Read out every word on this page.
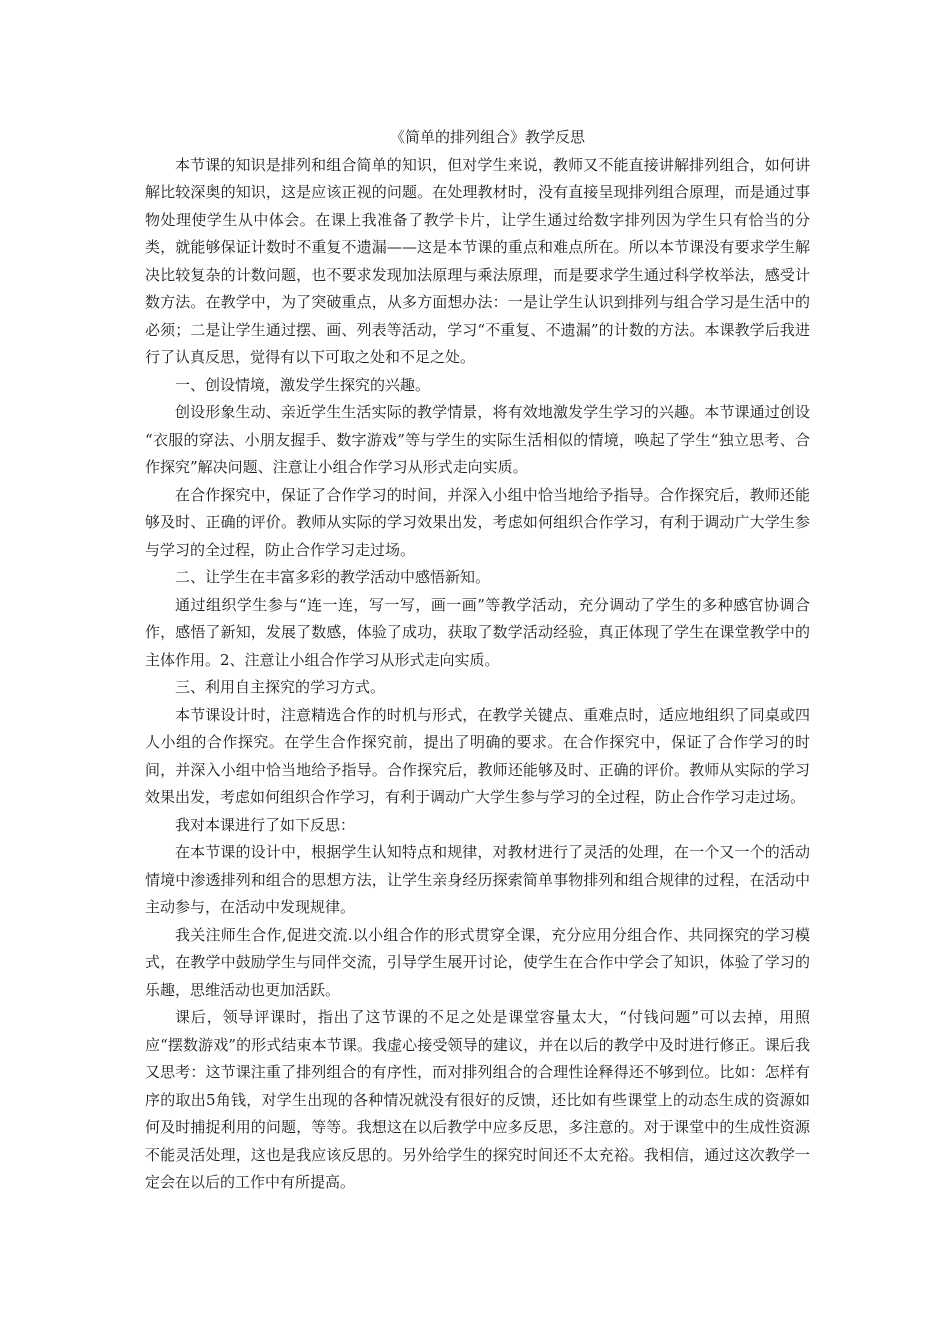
《简单的排列组合》教学反思

本节课的知识是排列和组合简单的知识，但对学生来说，教师又不能直接讲解排列组合，如何讲解比较深奥的知识，这是应该正视的问题。在处理教材时，没有直接呈现排列组合原理，而是通过事物处理使学生从中体会。在课上我准备了教学卡片，让学生通过给数字排列因为学生只有恰当的分类，就能够保证计数时不重复不遗漏——这是本节课的重点和难点所在。所以本节课没有要求学生解决比较复杂的计数问题，也不要求发现加法原理与乘法原理，而是要求学生通过科学枚举法，感受计数方法。在教学中，为了突破重点，从多方面想办法：一是让学生认识到排列与组合学习是生活中的必须；二是让学生通过摆、画、列表等活动，学习“不重复、不遗漏”的计数的方法。本课教学后我进行了认真反思，觉得有以下可取之处和不足之处。

一、创设情境，激发学生探究的兴趣。

创设形象生动、亲近学生生活实际的教学情景，将有效地激发学生学习的兴趣。本节课通过创设 “衣服的穿法、小朋友握手、数字游戏”等与学生的实际生活相似的情境，唤起了学生“独立思考、合作探究”解决问题、注意让小组合作学习从形式走向实质。

在合作探究中，保证了合作学习的时间，并深入小组中恰当地给予指导。合作探究后，教师还能够及时、正确的评价。教师从实际的学习效果出发，考虑如何组织合作学习，有利于调动广大学生参与学习的全过程，防止合作学习走过场。

二、让学生在丰富多彩的教学活动中感悟新知。

通过组织学生参与“连一连，写一写，画一画”等教学活动，充分调动了学生的多种感官协调合作，感悟了新知，发展了数感，体验了成功，获取了数学活动经验，真正体现了学生在课堂教学中的主体作用。2、注意让小组合作学习从形式走向实质。

三、利用自主探究的学习方式。

本节课设计时，注意精选合作的时机与形式，在教学关键点、重难点时，适应地组织了同桌或四人小组的合作探究。在学生合作探究前，提出了明确的要求。在合作探究中，保证了合作学习的时间，并深入小组中恰当地给予指导。合作探究后，教师还能够及时、正确的评价。教师从实际的学习效果出发，考虑如何组织合作学习，有利于调动广大学生参与学习的全过程，防止合作学习走过场。

我对本课进行了如下反思：

在本节课的设计中，根据学生认知特点和规律，对教材进行了灵活的处理，在一个又一个的活动情境中渗透排列和组合的思想方法，让学生亲身经历探索简单事物排列和组合规律的过程，在活动中主动参与，在活动中发现规律。

我关注师生合作,促进交流.以小组合作的形式贯穿全课，充分应用分组合作、共同探究的学习模式，在教学中鼓励学生与同伴交流，引导学生展开讨论，使学生在合作中学会了知识，体验了学习的乐趣，思维活动也更加活跃。

课后，领导评课时，指出了这节课的不足之处是课堂容量太大，“付钱问题”可以去掉，用照应“摆数游戏”的形式结束本节课。我虚心接受领导的建议，并在以后的教学中及时进行修正。课后我又思考：这节课注重了排列组合的有序性，而对排列组合的合理性诠释得还不够到位。比如：怎样有序的取出5角钱，对学生出现的各种情况就没有很好的反馈，还比如有些课堂上的动态生成的资源如何及时捕捉利用的问题，等等。我想这在以后教学中应多反思，多注意的。对于课堂中的生成性资源不能灵活处理，这也是我应该反思的。另外给学生的探究时间还不太充裕。我相信，通过这次教学一定会在以后的工作中有所提高。
